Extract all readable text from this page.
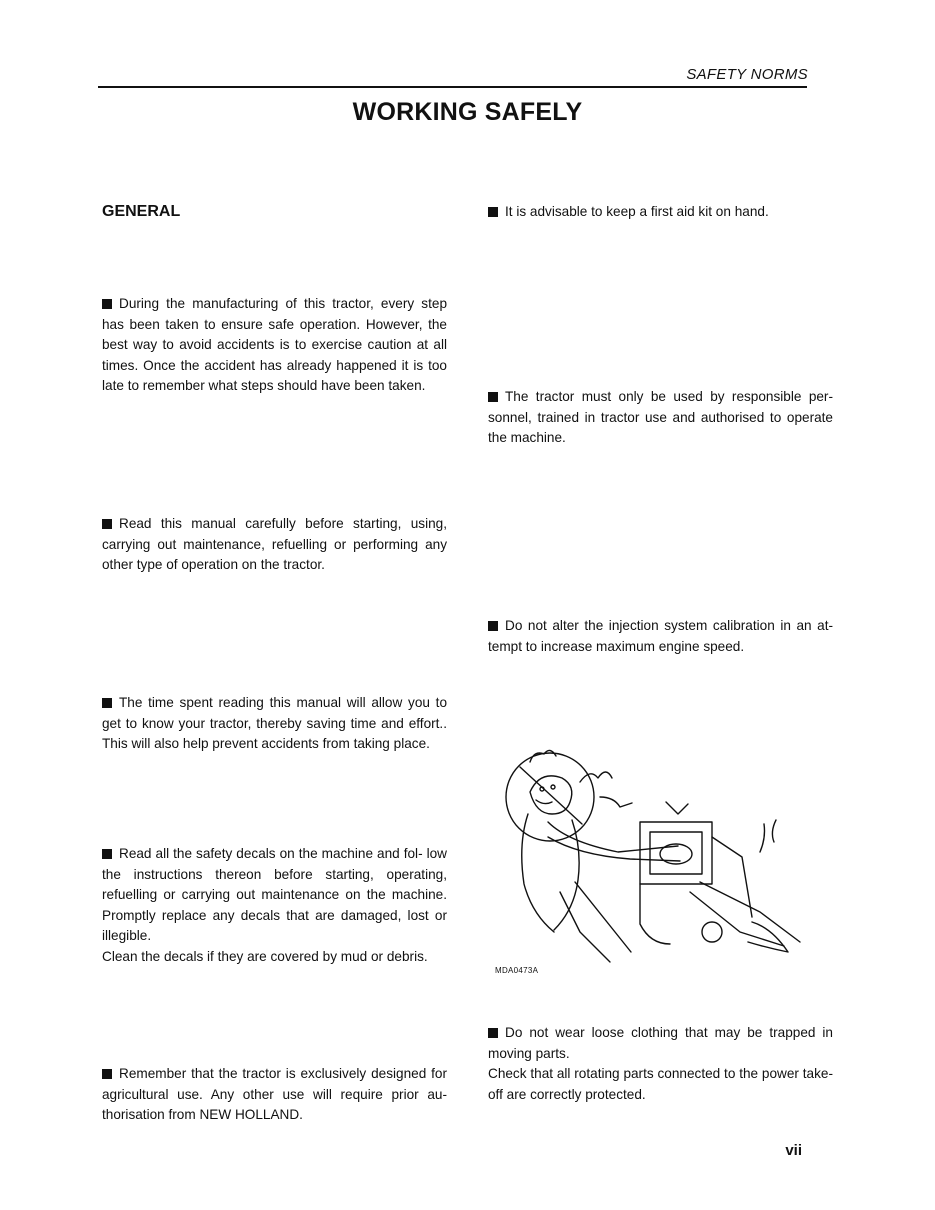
SAFETY NORMS
WORKING SAFELY
GENERAL

During the manufacturing of this tractor, every step has been taken to ensure safe operation. However, the best way to avoid accidents is to exercise caution at all times. Once the accident has already happened it is too late to remember what steps should have been taken.

Read this manual carefully before starting, using, carrying out maintenance, refuelling or performing any other type of operation on the tractor.

The time spent reading this manual will allow you to get to know your tractor, thereby saving time and effort.. This will also help prevent accidents from taking place.

Read all the safety decals on the machine and fol‐ low the instructions thereon before starting, operating, refuelling or carrying out maintenance on the machine. Promptly replace any decals that are damaged, lost or illegible.

Clean the decals if they are covered by mud or debris.

Remember that the tractor is exclusively designed for agricultural use. Any other use will require prior au‐ thorisation from NEW HOLLAND.

It is advisable to keep a first aid kit on hand.

The tractor must only be used by responsible per‐ sonnel, trained in tractor use and authorised to operate the machine.

Do not alter the injection system calibration in an at‐ tempt to increase maximum engine speed.

MDA0473A

Do not wear loose clothing that may be trapped in moving parts.

Check that all rotating parts connected to the power take‐off are correctly protected.

vii
